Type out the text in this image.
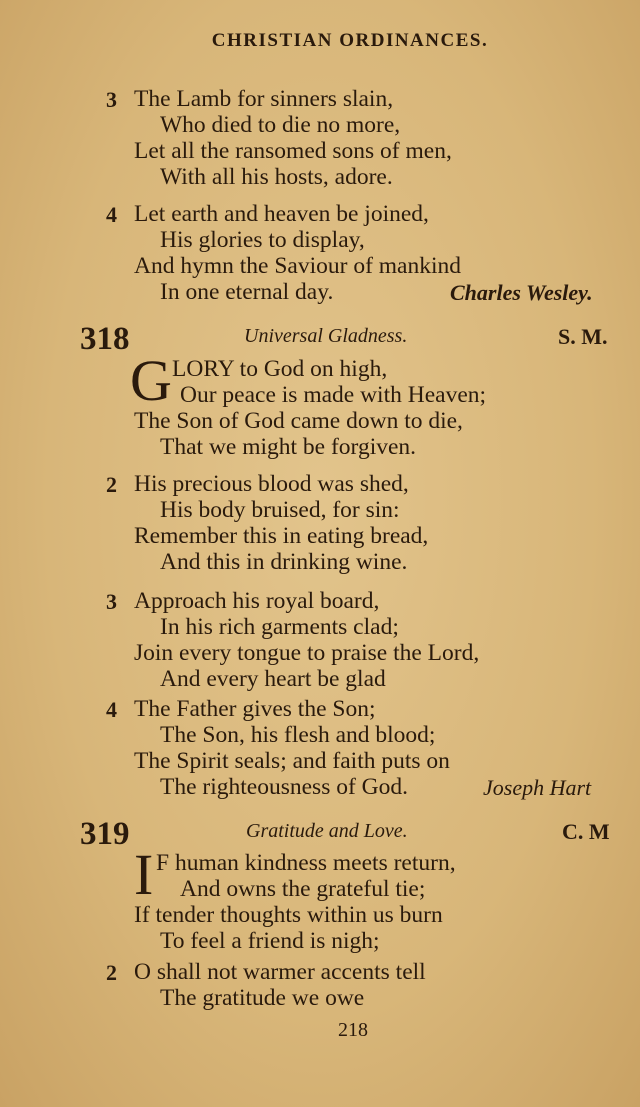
CHRISTIAN ORDINANCES.
3 The Lamb for sinners slain,
Who died to die no more,
Let all the ransomed sons of men,
With all his hosts, adore.
4 Let earth and heaven be joined,
His glories to display,
And hymn the Saviour of mankind
In one eternal day.	Charles Wesley.
318	Universal Gladness.	S. M.
G LORY to God on high,
Our peace is made with Heaven;
The Son of God came down to die,
That we might be forgiven.
2 His precious blood was shed,
His body bruised, for sin:
Remember this in eating bread,
And this in drinking wine.
3 Approach his royal board,
In his rich garments clad;
Join every tongue to praise the Lord,
And every heart be glad
4 The Father gives the Son;
The Son, his flesh and blood;
The Spirit seals; and faith puts on
The righteousness of God.	Joseph Hart
319	Gratitude and Love.	C. M
I F human kindness meets return,
And owns the grateful tie;
If tender thoughts within us burn
To feel a friend is nigh;
2 O shall not warmer accents tell
The gratitude we owe
218
